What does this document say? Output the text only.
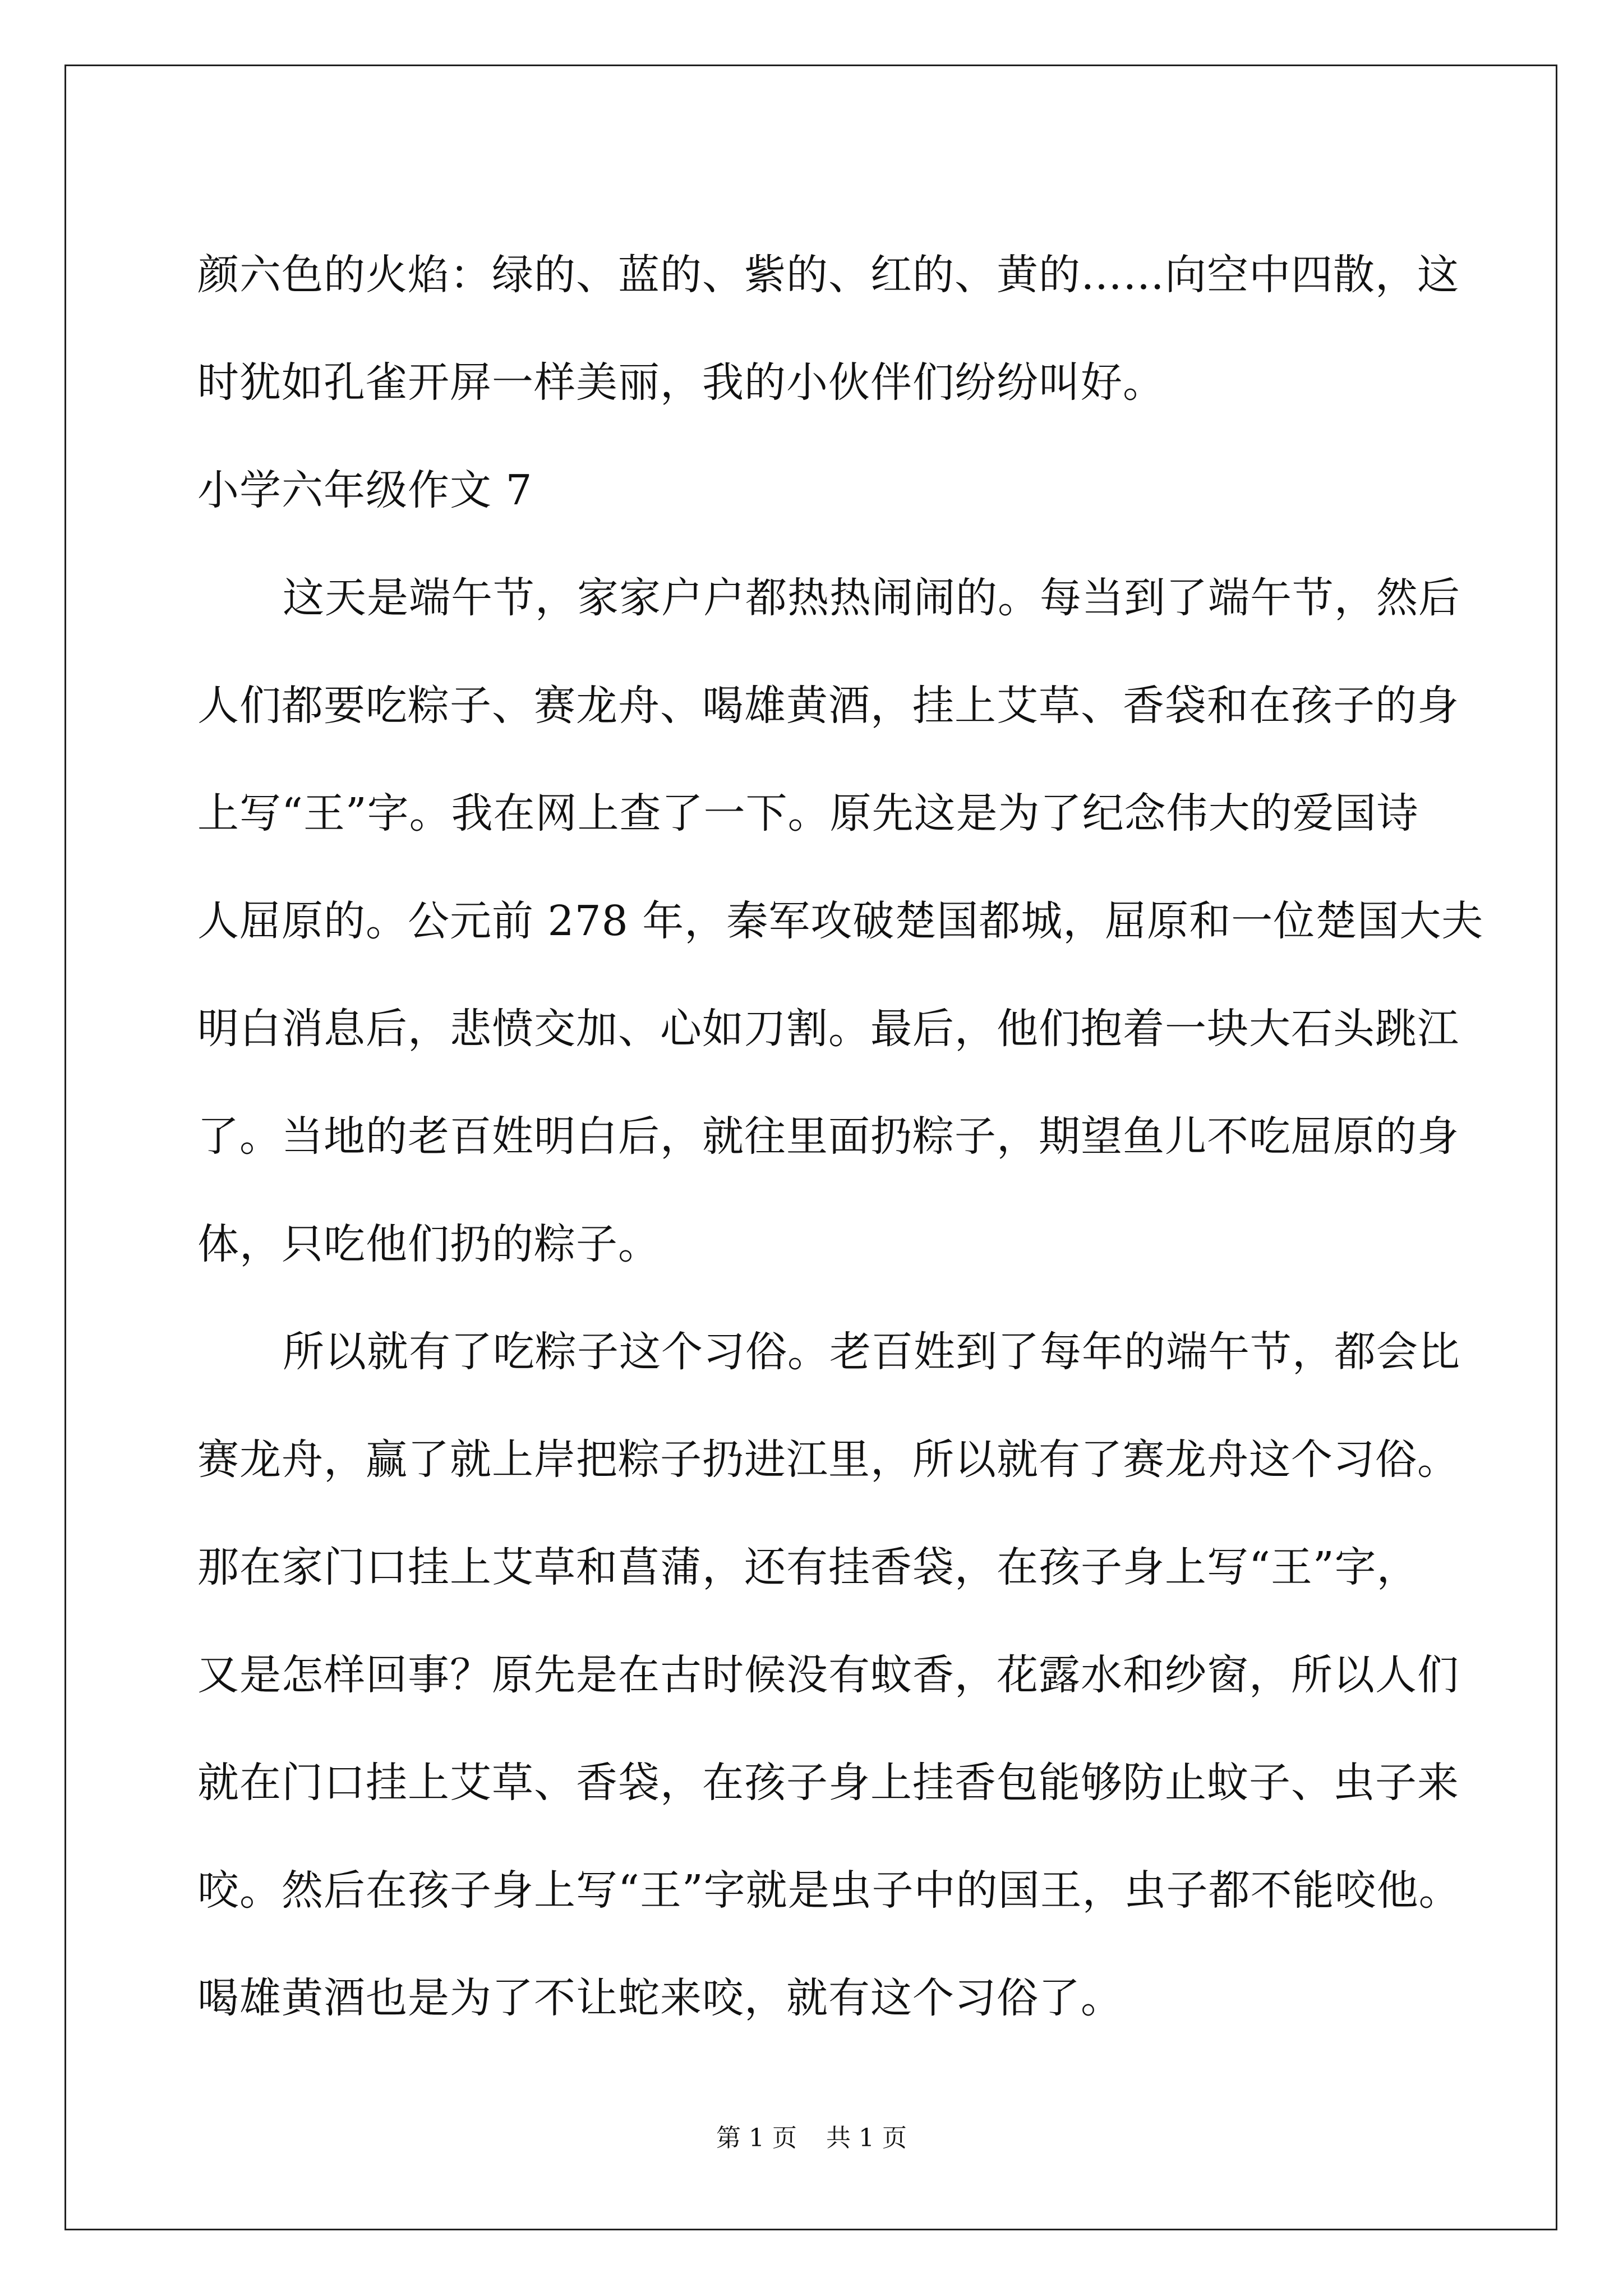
颜六色的火焰：绿的、蓝的、紫的、红的、黄的……向空中四散，这
时犹如孔雀开屏一样美丽，我的小伙伴们纷纷叫好。
小学六年级作文 7
这天是端午节，家家户户都热热闹闹的。每当到了端午节，然后
人们都要吃粽子、赛龙舟、喝雄黄酒，挂上艾草、香袋和在孩子的身
上写“王”字。我在网上查了一下。原先这是为了纪念伟大的爱国诗
人屈原的。公元前 278 年，秦军攻破楚国都城，屈原和一位楚国大夫
明白消息后，悲愤交加、心如刀割。最后，他们抱着一块大石头跳江
了。当地的老百姓明白后，就往里面扔粽子，期望鱼儿不吃屈原的身
体，只吃他们扔的粽子。
所以就有了吃粽子这个习俗。老百姓到了每年的端午节，都会比
赛龙舟，赢了就上岸把粽子扔进江里，所以就有了赛龙舟这个习俗。
那在家门口挂上艾草和菖蒲，还有挂香袋，在孩子身上写“王”字，
又是怎样回事？原先是在古时候没有蚊香，花露水和纱窗，所以人们
就在门口挂上艾草、香袋，在孩子身上挂香包能够防止蚊子、虫子来
咬。然后在孩子身上写“王”字就是虫子中的国王，虫子都不能咬他。
喝雄黄酒也是为了不让蛇来咬，就有这个习俗了。
第 1 页 共 1 页
